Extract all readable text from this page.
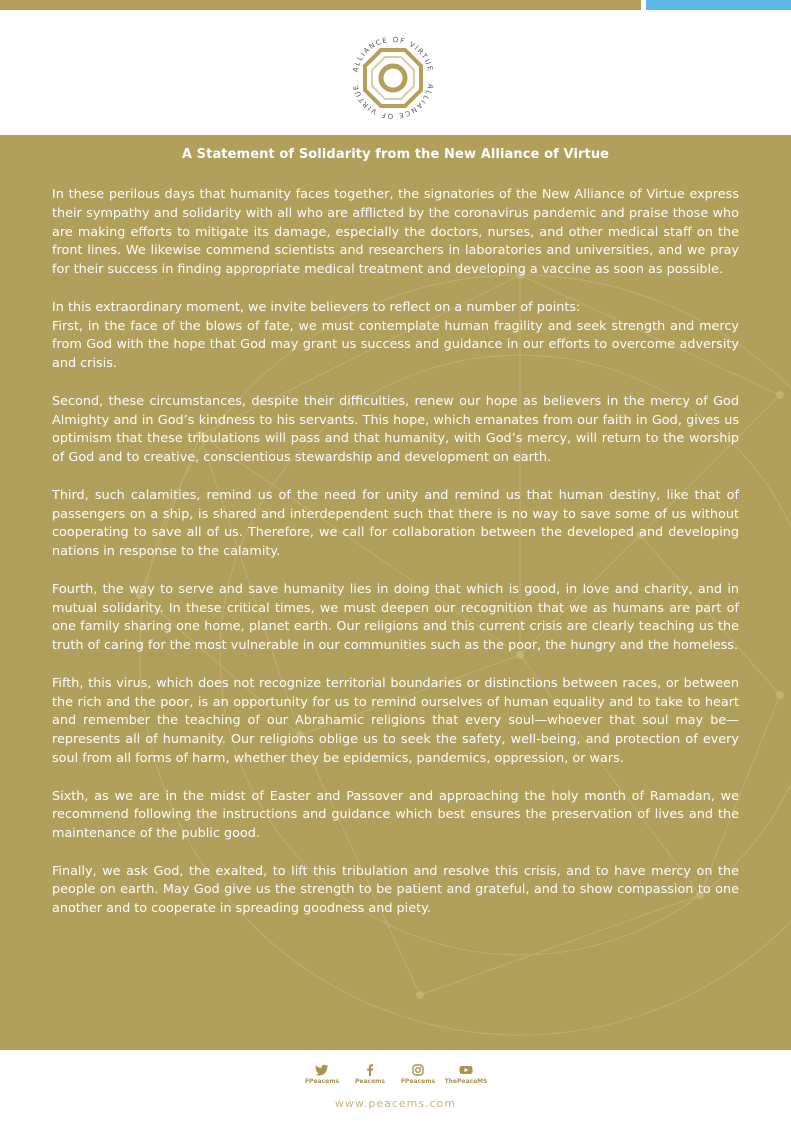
ALLIANCE OF VIRTUE
ALLIANCE OF VIRTUE
A Statement of Solidarity from the New Alliance of Virtue

In these perilous days that humanity faces together, the signatories of the New Alliance of Virtue express their sympathy and solidarity with all who are afflicted by the coronavirus pandemic and praise those who are making efforts to mitigate its damage, especially the doctors, nurses, and other medical staff on the front lines. We likewise commend scientists and researchers in laboratories and universities, and we pray for their success in finding appropriate medical treatment and developing a vaccine as soon as possible.

In this extraordinary moment, we invite believers to reflect on a number of points:
First, in the face of the blows of fate, we must contemplate human fragility and seek strength and mercy from God with the hope that God may grant us success and guidance in our efforts to overcome adversity and crisis.

Second, these circumstances, despite their difficulties, renew our hope as believers in the mercy of God Almighty and in God’s kindness to his servants. This hope, which emanates from our faith in God, gives us optimism that these tribulations will pass and that humanity, with God’s mercy, will return to the worship of God and to creative, conscientious stewardship and development on earth.

Third, such calamities, remind us of the need for unity and remind us that human destiny, like that of passengers on a ship, is shared and interdependent such that there is no way to save some of us without cooperating to save all of us. Therefore, we call for collaboration between the developed and developing nations in response to the calamity.

Fourth, the way to serve and save humanity lies in doing that which is good, in love and charity, and in mutual solidarity. In these critical times, we must deepen our recognition that we as humans are part of one family sharing one home, planet earth. Our religions and this current crisis are clearly teaching us the truth of caring for the most vulnerable in our communities such as the poor, the hungry and the homeless.

Fifth, this virus, which does not recognize territorial boundaries or distinctions between races, or between the rich and the poor, is an opportunity for us to remind ourselves of human equality and to take to heart and remember the teaching of our Abrahamic religions that every soul—whoever that soul may be—represents all of humanity. Our religions oblige us to seek the safety, well-being, and protection of every soul from all forms of harm, whether they be epidemics, pandemics, oppression, or wars.

Sixth, as we are in the midst of Easter and Passover and approaching the holy month of Ramadan, we recommend following the instructions and guidance which best ensures the preservation of lives and the maintenance of the public good.

Finally, we ask God, the exalted, to lift this tribulation and resolve this crisis, and to have mercy on the people on earth. May God give us the strength to be patient and grateful, and to show compassion to one another and to cooperate in spreading goodness and piety.

FPeacems	Peacems	FPeacems	ThePeaceMS
www.peacems.com
